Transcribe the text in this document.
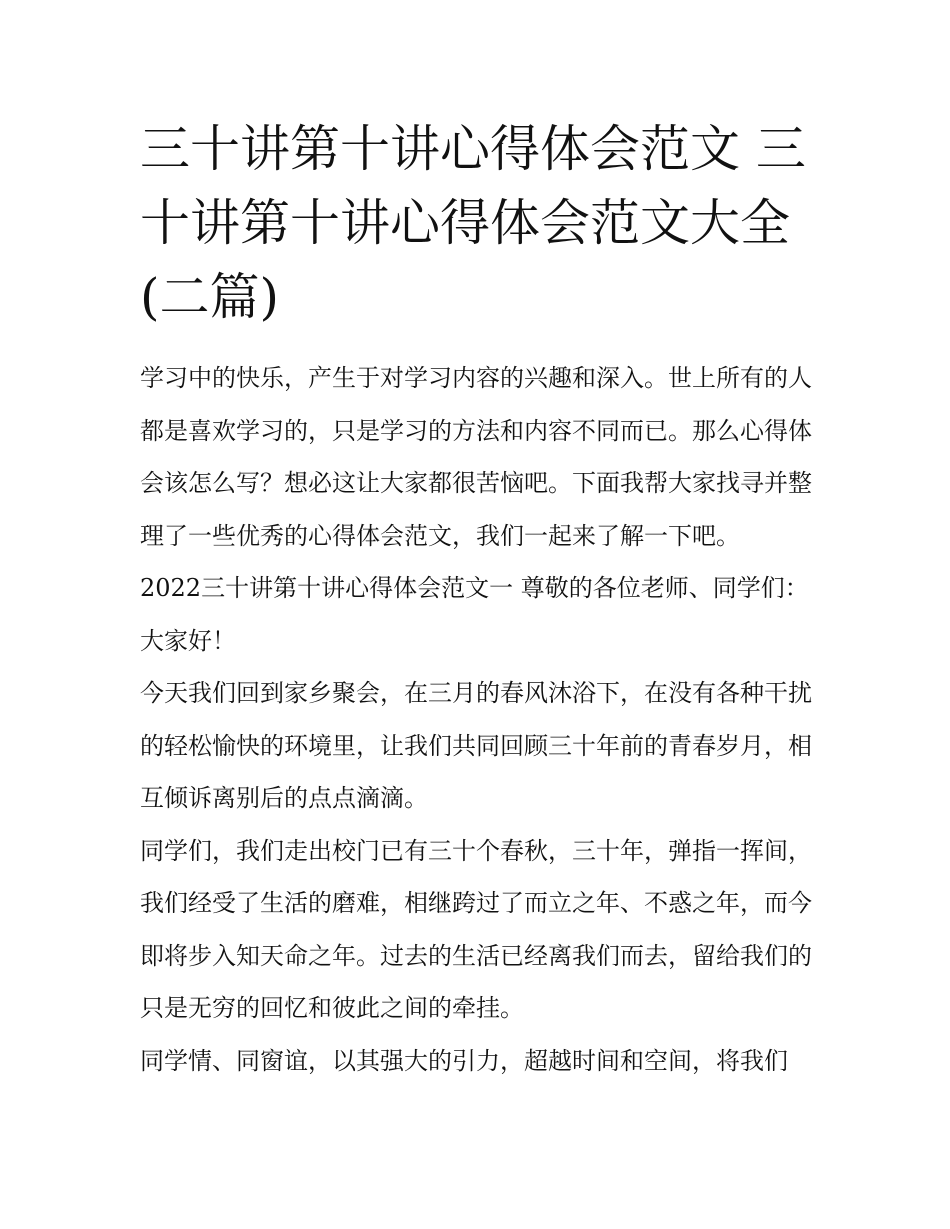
三十讲第十讲心得体会范文 三十讲第十讲心得体会范文大全(二篇)

学习中的快乐，产生于对学习内容的兴趣和深入。世上所有的人都是喜欢学习的，只是学习的方法和内容不同而已。那么心得体会该怎么写？想必这让大家都很苦恼吧。下面我帮大家找寻并整理了一些优秀的心得体会范文，我们一起来了解一下吧。

2022三十讲第十讲心得体会范文一 尊敬的各位老师、同学们： 大家好！

今天我们回到家乡聚会，在三月的春风沐浴下，在没有各种干扰的轻松愉快的环境里，让我们共同回顾三十年前的青春岁月，相互倾诉离别后的点点滴滴。

同学们，我们走出校门已有三十个春秋，三十年，弹指一挥间，我们经受了生活的磨难，相继跨过了而立之年、不惑之年，而今即将步入知天命之年。过去的生活已经离我们而去，留给我们的只是无穷的回忆和彼此之间的牵挂。

同学情、同窗谊，以其强大的引力，超越时间和空间，将我们
